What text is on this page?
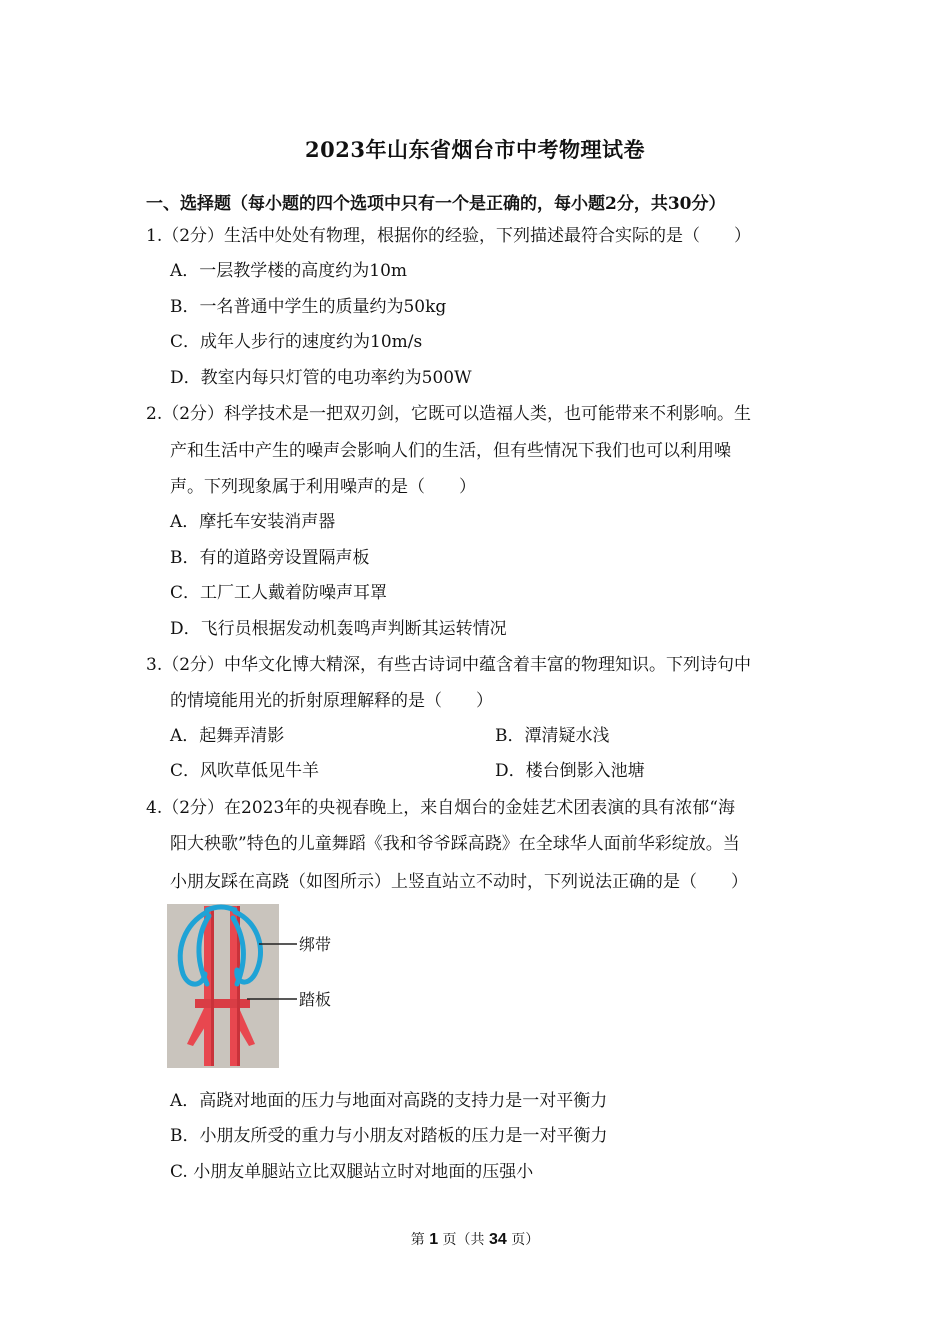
2023年山东省烟台市中考物理试卷
一、选择题（每小题的四个选项中只有一个是正确的，每小题2分，共30分）
1.（2分）生活中处处有物理，根据你的经验，下列描述最符合实际的是（　　）
A．一层教学楼的高度约为10m
B．一名普通中学生的质量约为50kg
C．成年人步行的速度约为10m/s
D．教室内每只灯管的电功率约为500W
2.（2分）科学技术是一把双刃剑，它既可以造福人类，也可能带来不利影响。生
产和生活中产生的噪声会影响人们的生活，但有些情况下我们也可以利用噪
声。下列现象属于利用噪声的是（　　）
A．摩托车安装消声器
B．有的道路旁设置隔声板
C．工厂工人戴着防噪声耳罩
D．飞行员根据发动机轰鸣声判断其运转情况
3.（2分）中华文化博大精深，有些古诗词中蕴含着丰富的物理知识。下列诗句中
的情境能用光的折射原理解释的是（　　）
A．起舞弄清影	B．潭清疑水浅
C．风吹草低见牛羊	D．楼台倒影入池塘
4.（2分）在2023年的央视春晚上，来自烟台的金娃艺术团表演的具有浓郁“海
阳大秧歌”特色的儿童舞蹈《我和爷爷踩高跷》在全球华人面前华彩绽放。当
小朋友踩在高跷（如图所示）上竖直站立不动时，下列说法正确的是（　　）
绑带
踏板
A．高跷对地面的压力与地面对高跷的支持力是一对平衡力
B．小朋友所受的重力与小朋友对踏板的压力是一对平衡力
C. 小朋友单腿站立比双腿站立时对地面的压强小
第 1 页（共 34 页）
